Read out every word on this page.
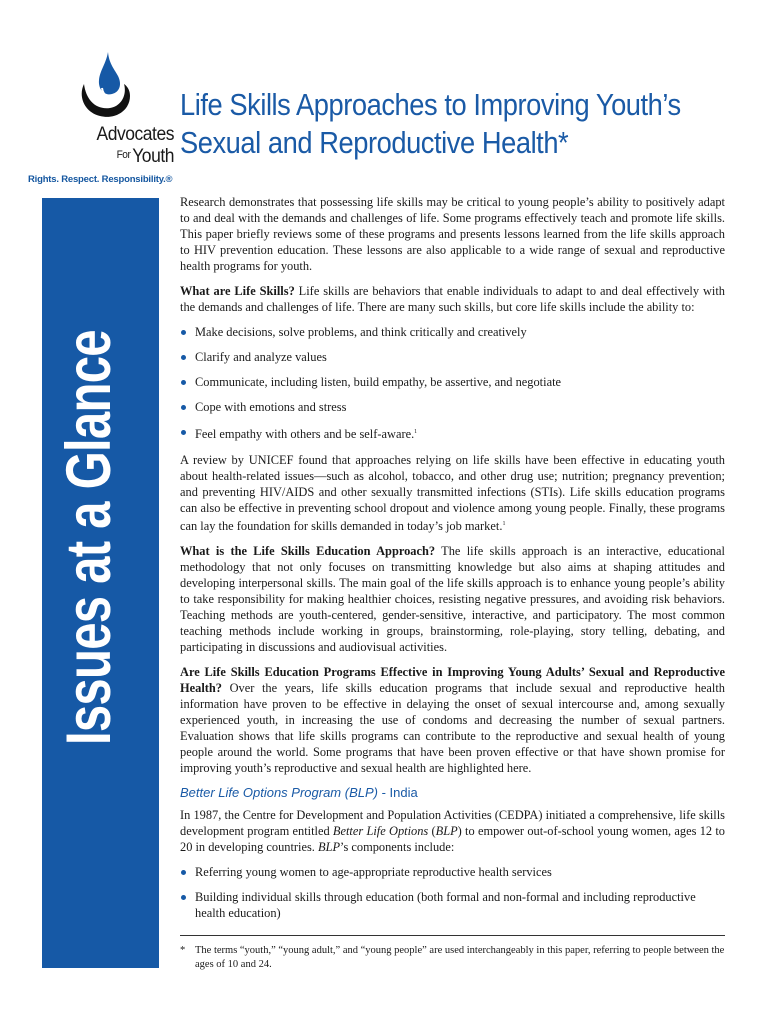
Advocates
$^{For}$Youth
Rights. Respect. Responsibility.®
Issues at a Glance
Life Skills Approaches to Improving Youth’s
Sexual and Reproductive Health*

Research demonstrates that possessing life skills may be critical to young people’s ability to positively adapt to and deal with the demands and challenges of life. Some programs effectively teach and promote life skills. This paper briefly reviews some of these programs and presents lessons learned from the life skills approach to HIV prevention education. These lessons are also applicable to a wide range of sexual and reproductive health programs for youth.

What are Life Skills? Life skills are behaviors that enable individuals to adapt to and deal effectively with the demands and challenges of life. There are many such skills, but core life skills include the ability to:

Make decisions, solve problems, and think critically and creatively
Clarify and analyze values
Communicate, including listen, build empathy, be assertive, and negotiate
Cope with emotions and stress
Feel empathy with others and be self-aware.$^1$

A review by UNICEF found that approaches relying on life skills have been effective in educating youth about health-related issues—such as alcohol, tobacco, and other drug use; nutrition; pregnancy prevention; and preventing HIV/AIDS and other sexually transmitted infections (STIs). Life skills education programs can also be effective in preventing school dropout and violence among young people. Finally, these programs can lay the foundation for skills demanded in today’s job market.$^1$

What is the Life Skills Education Approach? The life skills approach is an interactive, educational methodology that not only focuses on transmitting knowledge but also aims at shaping attitudes and developing interpersonal skills. The main goal of the life skills approach is to enhance young people’s ability to take responsibility for making healthier choices, resisting negative pressures, and avoiding risk behaviors. Teaching methods are youth-centered, gender-sensitive, interactive, and participatory. The most common teaching methods include working in groups, brainstorming, role-playing, story telling, debating, and participating in discussions and audiovisual activities.

Are Life Skills Education Programs Effective in Improving Young Adults’ Sexual and Reproductive Health? Over the years, life skills education programs that include sexual and reproductive health information have proven to be effective in delaying the onset of sexual intercourse and, among sexually experienced youth, in increasing the use of condoms and decreasing the number of sexual partners. Evaluation shows that life skills programs can contribute to the reproductive and sexual health of young people around the world. Some programs that have been proven effective or that have shown promise for improving youth’s reproductive and sexual health are highlighted here.

Better Life Options Program (BLP) - India

In 1987, the Centre for Development and Population Activities (CEDPA) initiated a comprehensive, life skills development program entitled Better Life Options (BLP) to empower out-of-school young women, ages 12 to 20 in developing countries. BLP’s components include:

Referring young women to age-appropriate reproductive health services
Building individual skills through education (both formal and non-formal and including reproductive health education)
* The terms “youth,” “young adult,” and “young people” are used interchangeably in this paper, referring to people between the ages of 10 and 24.
